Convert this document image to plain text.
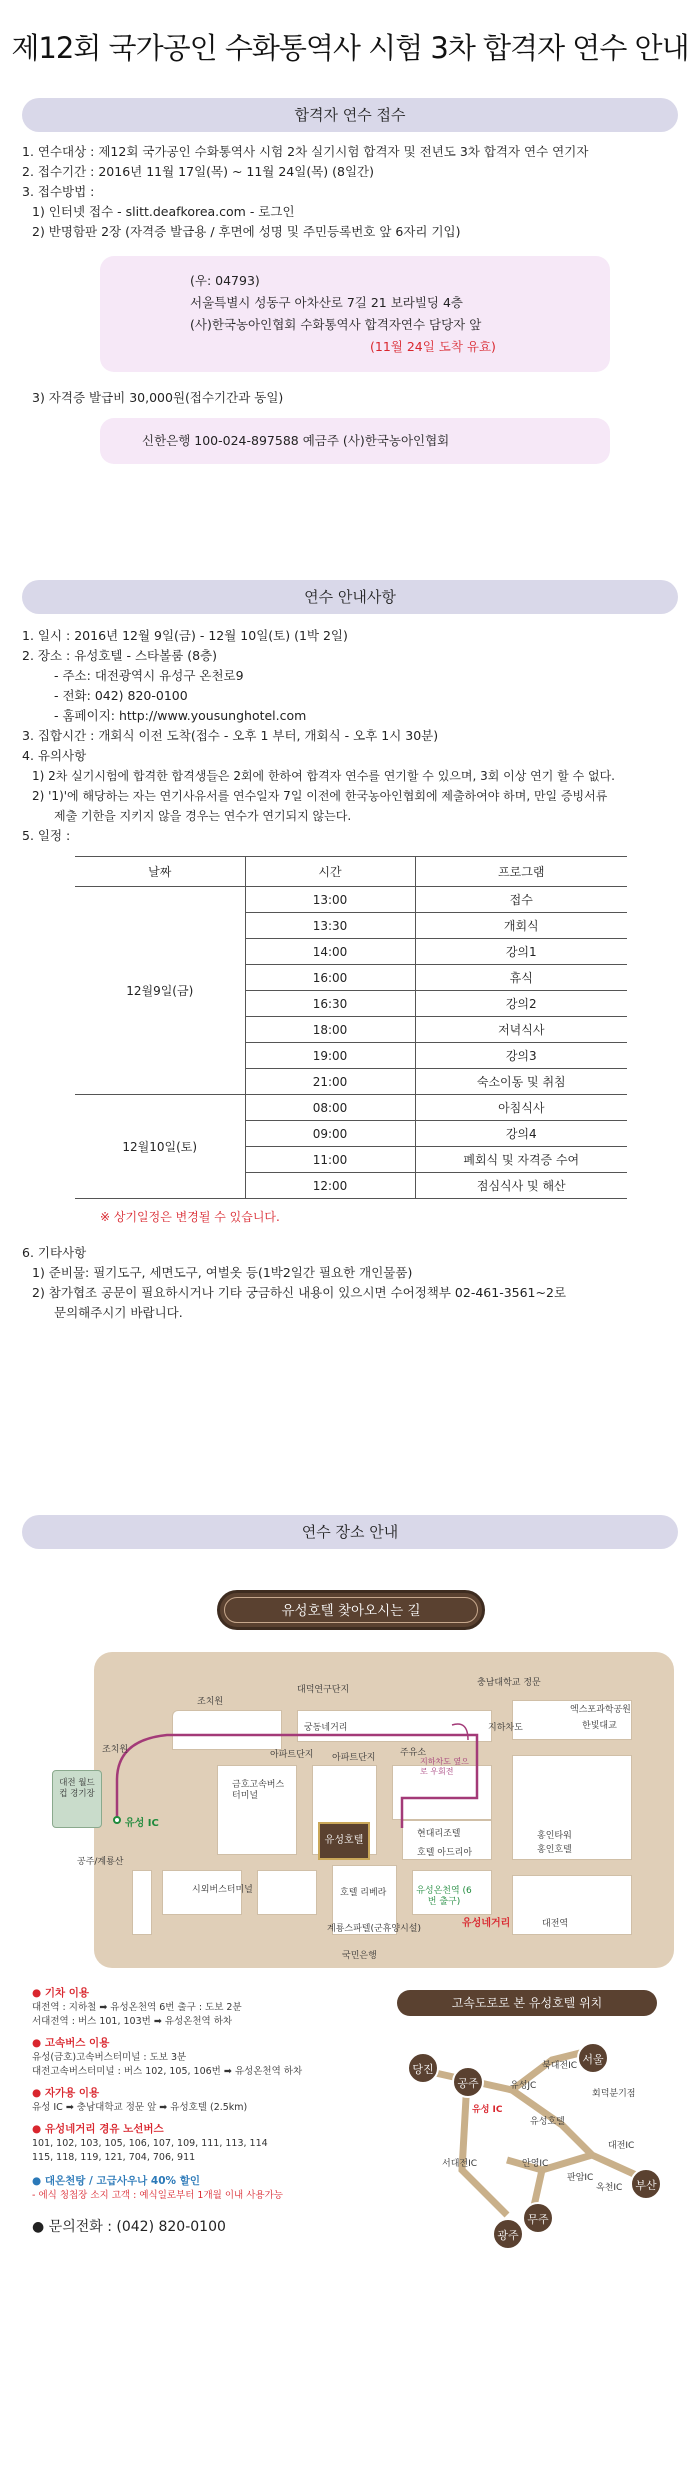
제12회 국가공인 수화통역사 시험 3차 합격자 연수 안내
합격자 연수 접수
1. 연수대상 : 제12회 국가공인 수화통역사 시험 2차 실기시험 합격자 및 전년도 3차 합격자 연수 연기자
2. 접수기간 : 2016년 11월 17일(목) ~ 11월 24일(목) (8일간)
3. 접수방법 :
1) 인터넷 접수 - slitt.deafkorea.com - 로그인
2) 반명함판 2장 (자격증 발급용 / 후면에 성명 및 주민등록번호 앞 6자리 기입)
(우: 04793)
서울특별시 성동구 아차산로 7길 21 보라빌딩 4층
(사)한국농아인협회 수화통역사 합격자연수 담당자 앞
(11월 24일 도착 유효)
3) 자격증 발급비 30,000원(접수기간과 동일)
신한은행 100-024-897588 예금주 (사)한국농아인협회
연수 안내사항
1. 일시 : 2016년 12월 9일(금) - 12월 10일(토) (1박 2일)
2. 장소 : 유성호텔 - 스타볼룸 (8층)
- 주소: 대전광역시 유성구 온천로9
- 전화: 042) 820-0100
- 홈페이지: http://www.yousunghotel.com
3. 집합시간 : 개회식 이전 도착(접수 - 오후 1 부터, 개회식 - 오후 1시 30분)
4. 유의사항
1) 2차 실기시험에 합격한 합격생들은 2회에 한하여 합격자 연수를 연기할 수 있으며, 3회 이상 연기 할 수 없다.
2) '1)'에 해당하는 자는 연기사유서를 연수일자 7일 이전에 한국농아인협회에 제출하여야 하며, 만일 증빙서류
제출 기한을 지키지 않을 경우는 연수가 연기되지 않는다.
5. 일정 :
날짜	시간	프로그램
12월9일(금)	13:00	접수
	13:30	개회식
	14:00	강의1
	16:00	휴식
	16:30	강의2
	18:00	저녁식사
	19:00	강의3
	21:00	숙소이동 및 취침
12월10일(토)	08:00	아침식사
	09:00	강의4
	11:00	폐회식 및 자격증 수여
	12:00	점심식사 및 해산
※ 상기일정은 변경될 수 있습니다.
6. 기타사항
1) 준비물: 필기도구, 세면도구, 여벌옷 등(1박2일간 필요한 개인물품)
2) 참가협조 공문이 필요하시거나 기타 궁금하신 내용이 있으시면 수어정책부 02-461-3561~2로
문의해주시기 바랍니다.
연수 장소 안내
유성호텔 찾아오시는 길
대전 월드컵 경기장
대덕연구단지
충남대학교 정문
엑스포과학공원
한빛대교
조치원
조치원
궁동네거리	지하차도
아파트단지 아파트단지	주유소
지하차도 옆으로 우회전
유성 IC
금호고속버스 터미널
유성호텔
현대리조텔
호텔 아드리아
홍인타워
홍인호텔
공주/계룡산
시외버스터미널	호텔 리베라
계룡스파텔(군휴양시설)
유성온천역 (6번 출구)
유성네거리	대전역
국민은행
● 기차 이용
대전역 : 지하철 ➡ 유성온천역 6번 출구 : 도보 2분
서대전역 : 버스 101, 103번 ➡ 유성온천역 하차
● 고속버스 이용
유성(금호)고속버스터미널 : 도보 3분
대전고속버스터미널 : 버스 102, 105, 106번 ➡ 유성온천역 하차
● 자가용 이용
유성 IC ➡ 충남대학교 정문 앞 ➡ 유성호텔 (2.5km)
● 유성네거리 경유 노선버스
101, 102, 103, 105, 106, 107, 109, 111, 113, 114
115, 118, 119, 121, 704, 706, 911
● 대온천탕 / 고급사우나 40% 할인
- 에식 청첩장 소지 고객 : 예식일로부터 1개월 이내 사용가능
● 문의전화 : (042) 820-0100
고속도로로 본 유성호텔 위치
당진
공주
서울
부산
무주
광주
북대전IC
회덕분기점
유성JC
유성 IC
유성호텔
대전IC
서대전IC	안영IC
판암IC
옥천IC
